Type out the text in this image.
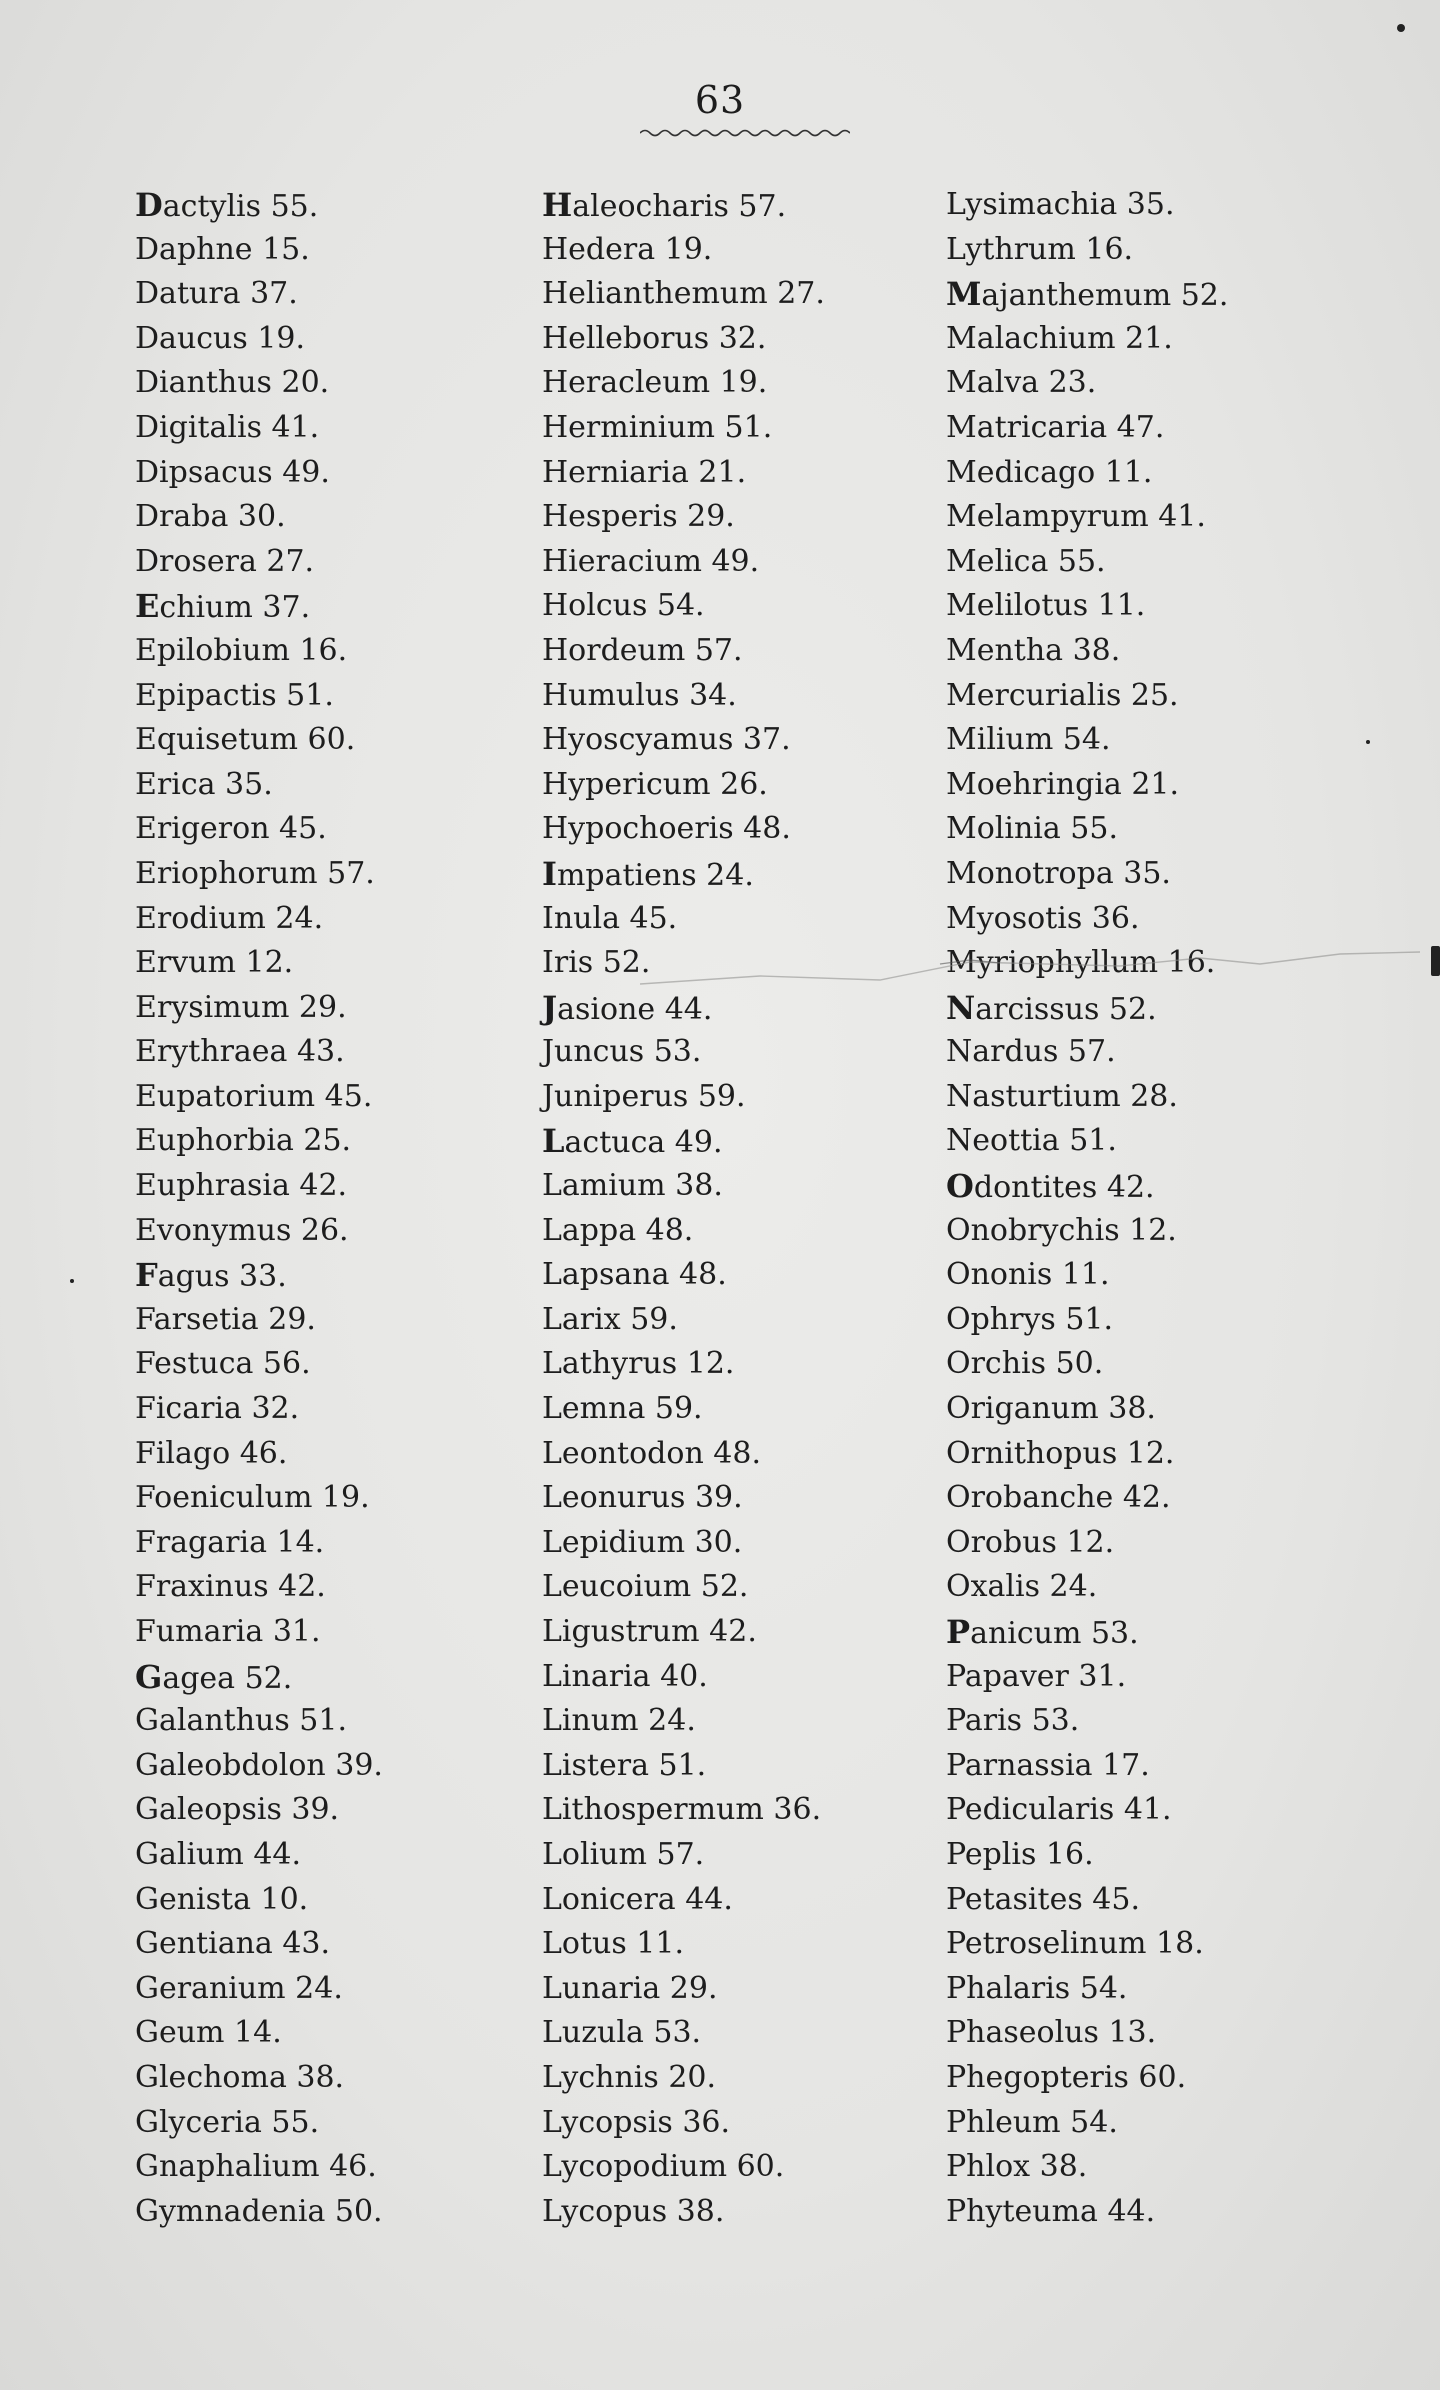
63
Dactylis 55.
Daphne 15.
Datura 37.
Daucus 19.
Dianthus 20.
Digitalis 41.
Dipsacus 49.
Draba 30.
Drosera 27.
Echium 37.
Epilobium 16.
Epipactis 51.
Equisetum 60.
Erica 35.
Erigeron 45.
Eriophorum 57.
Erodium 24.
Ervum 12.
Erysimum 29.
Erythraea 43.
Eupatorium 45.
Euphorbia 25.
Euphrasia 42.
Evonymus 26.
Fagus 33.
Farsetia 29.
Festuca 56.
Ficaria 32.
Filago 46.
Foeniculum 19.
Fragaria 14.
Fraxinus 42.
Fumaria 31.
Gagea 52.
Galanthus 51.
Galeobdolon 39.
Galeopsis 39.
Galium 44.
Genista 10.
Gentiana 43.
Geranium 24.
Geum 14.
Glechoma 38.
Glyceria 55.
Gnaphalium 46.
Gymnadenia 50.
Haleocharis 57.
Hedera 19.
Helianthemum 27.
Helleborus 32.
Heracleum 19.
Herminium 51.
Herniaria 21.
Hesperis 29.
Hieracium 49.
Holcus 54.
Hordeum 57.
Humulus 34.
Hyoscyamus 37.
Hypericum 26.
Hypochoeris 48.
Impatiens 24.
Inula 45.
Iris 52.
Jasione 44.
Juncus 53.
Juniperus 59.
Lactuca 49.
Lamium 38.
Lappa 48.
Lapsana 48.
Larix 59.
Lathyrus 12.
Lemna 59.
Leontodon 48.
Leonurus 39.
Lepidium 30.
Leucoium 52.
Ligustrum 42.
Linaria 40.
Linum 24.
Listera 51.
Lithospermum 36.
Lolium 57.
Lonicera 44.
Lotus 11.
Lunaria 29.
Luzula 53.
Lychnis 20.
Lycopsis 36.
Lycopodium 60.
Lycopus 38.
Lysimachia 35.
Lythrum 16.
Majanthemum 52.
Malachium 21.
Malva 23.
Matricaria 47.
Medicago 11.
Melampyrum 41.
Melica 55.
Melilotus 11.
Mentha 38.
Mercurialis 25.
Milium 54.
Moehringia 21.
Molinia 55.
Monotropa 35.
Myosotis 36.
Myriophyllum 16.
Narcissus 52.
Nardus 57.
Nasturtium 28.
Neottia 51.
Odontites 42.
Onobrychis 12.
Ononis 11.
Ophrys 51.
Orchis 50.
Origanum 38.
Ornithopus 12.
Orobanche 42.
Orobus 12.
Oxalis 24.
Panicum 53.
Papaver 31.
Paris 53.
Parnassia 17.
Pedicularis 41.
Peplis 16.
Petasites 45.
Petroselinum 18.
Phalaris 54.
Phaseolus 13.
Phegopteris 60.
Phleum 54.
Phlox 38.
Phyteuma 44.
